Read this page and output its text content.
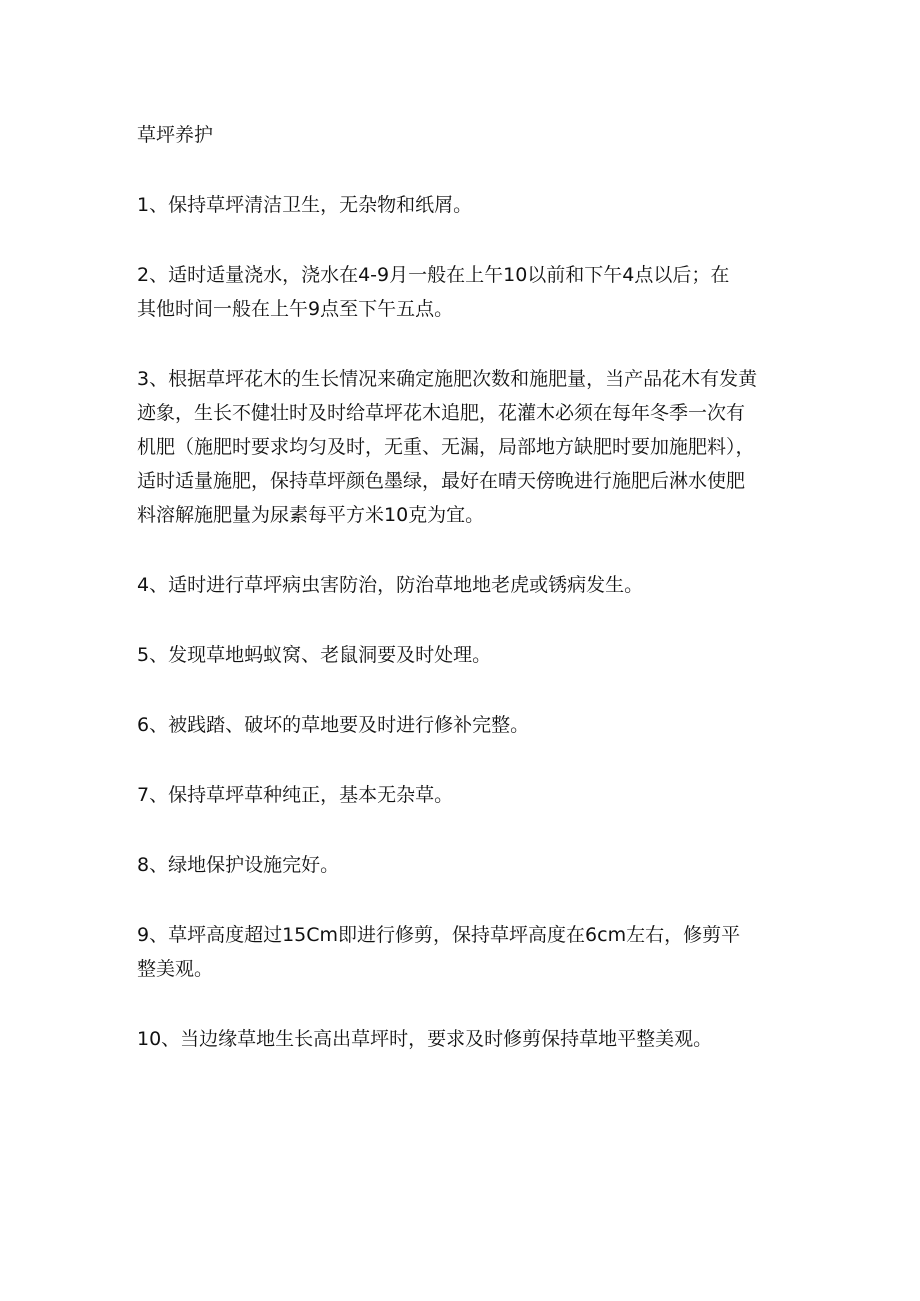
草坪养护
1、保持草坪清洁卫生，无杂物和纸屑。
2、适时适量浇水，浇水在4-9月一般在上午10以前和下午4点以后；在
其他时间一般在上午9点至下午五点。
3、根据草坪花木的生长情况来确定施肥次数和施肥量，当产品花木有发黄
迹象，生长不健壮时及时给草坪花木追肥，花灌木必须在每年冬季一次有
机肥（施肥时要求均匀及时，无重、无漏，局部地方缺肥时要加施肥料），
适时适量施肥，保持草坪颜色墨绿，最好在晴天傍晚进行施肥后淋水使肥
料溶解施肥量为尿素每平方米10克为宜。
4、适时进行草坪病虫害防治，防治草地地老虎或锈病发生。
5、发现草地蚂蚁窝、老鼠洞要及时处理。
6、被践踏、破坏的草地要及时进行修补完整。
7、保持草坪草种纯正，基本无杂草。
8、绿地保护设施完好。
9、草坪高度超过15Cm即进行修剪，保持草坪高度在6cm左右，修剪平
整美观。
10、当边缘草地生长高出草坪时，要求及时修剪保持草地平整美观。
